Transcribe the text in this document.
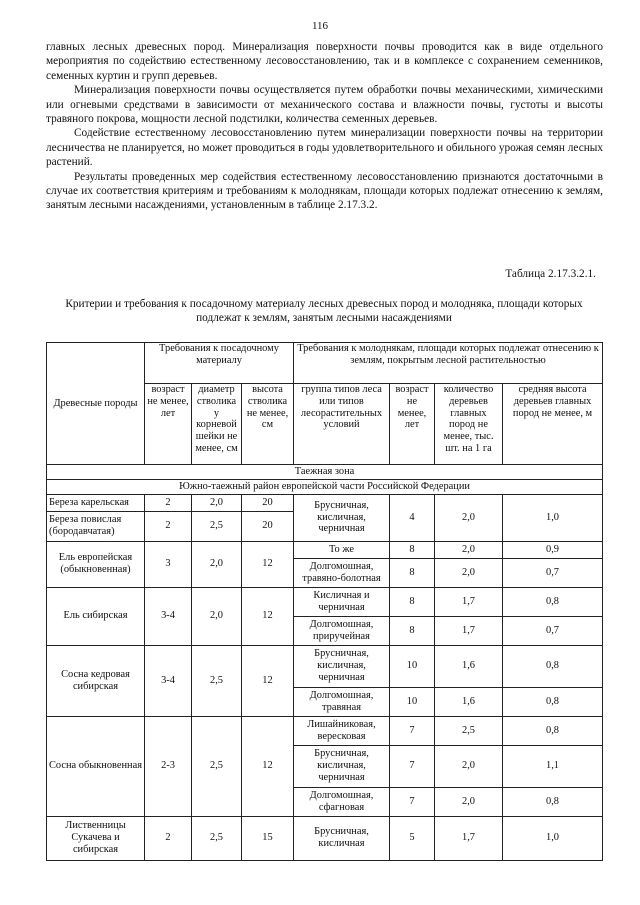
116

главных лесных древесных пород. Минерализация поверхности почвы проводится как в виде отдельного мероприятия по содействию естественному лесовосстановлению, так и в комплексе с сохранением семенников, семенных куртин и групп деревьев.

Минерализация поверхности почвы осуществляется путем обработки почвы механическими, химическими или огневыми средствами в зависимости от механического состава и влажности почвы, густоты и высоты травяного покрова, мощности лесной подстилки, количества семенных деревьев.

Содействие естественному лесовосстановлению путем минерализации поверхности почвы на территории лесничества не планируется, но может проводиться в годы удовлетворительного и обильного урожая семян лесных растений.

Результаты проведенных мер содействия естественному лесовосстановлению признаются достаточными в случае их соответствия критериям и требованиям к молоднякам, площади которых подлежат отнесению к землям, занятым лесными насаждениями, установленным в таблице 2.17.3.2.

Таблица 2.17.3.2.1.
Критерии и требования к посадочному материалу лесных древесных пород и молодняка, площади которых подлежат к землям, занятым лесными насаждениями
Древесные породы	Требования к посадочному материалу			Требования к молоднякам, площади которых подлежат отнесению к землям, покрытым лесной растительностью			
	возраст не менее, лет	диаметр стволика у корневой шейки не менее, см	высота стволика не менее, см	группа типов леса или типов лесорастительных условий	возраст не менее, лет	количество деревьев главных пород не менее, тыс. шт. на 1 га	средняя высота деревьев главных пород не менее, м
Таежная зона							
Южно-таежный район европейской части Российской Федерации							
Береза карельская	2	2,0	20	Брусничная, кисличная, черничная	4	2,0	1,0
Береза повислая (бородавчатая)	2	2,5	20				
Ель европейская (обыкновенная)	3	2,0	12	То же	8	2,0	0,9
				Долгомошная, травяно-болотная	8	2,0	0,7
Ель сибирская	3-4	2,0	12	Кисличная и черничная	8	1,7	0,8
				Долгомошная, приручейная	8	1,7	0,7
Сосна кедровая сибирская	3-4	2,5	12	Брусничная, кисличная, черничная	10	1,6	0,8
				Долгомошная, травяная	10	1,6	0,8
Сосна обыкновенная	2-3	2,5	12	Лишайниковая, вересковая	7	2,5	0,8
				Брусничная, кисличная, черничная	7	2,0	1,1
				Долгомошная, сфагновая	7	2,0	0,8
Лиственницы Сукачева и сибирская	2	2,5	15	Брусничная, кисличная	5	1,7	1,0
